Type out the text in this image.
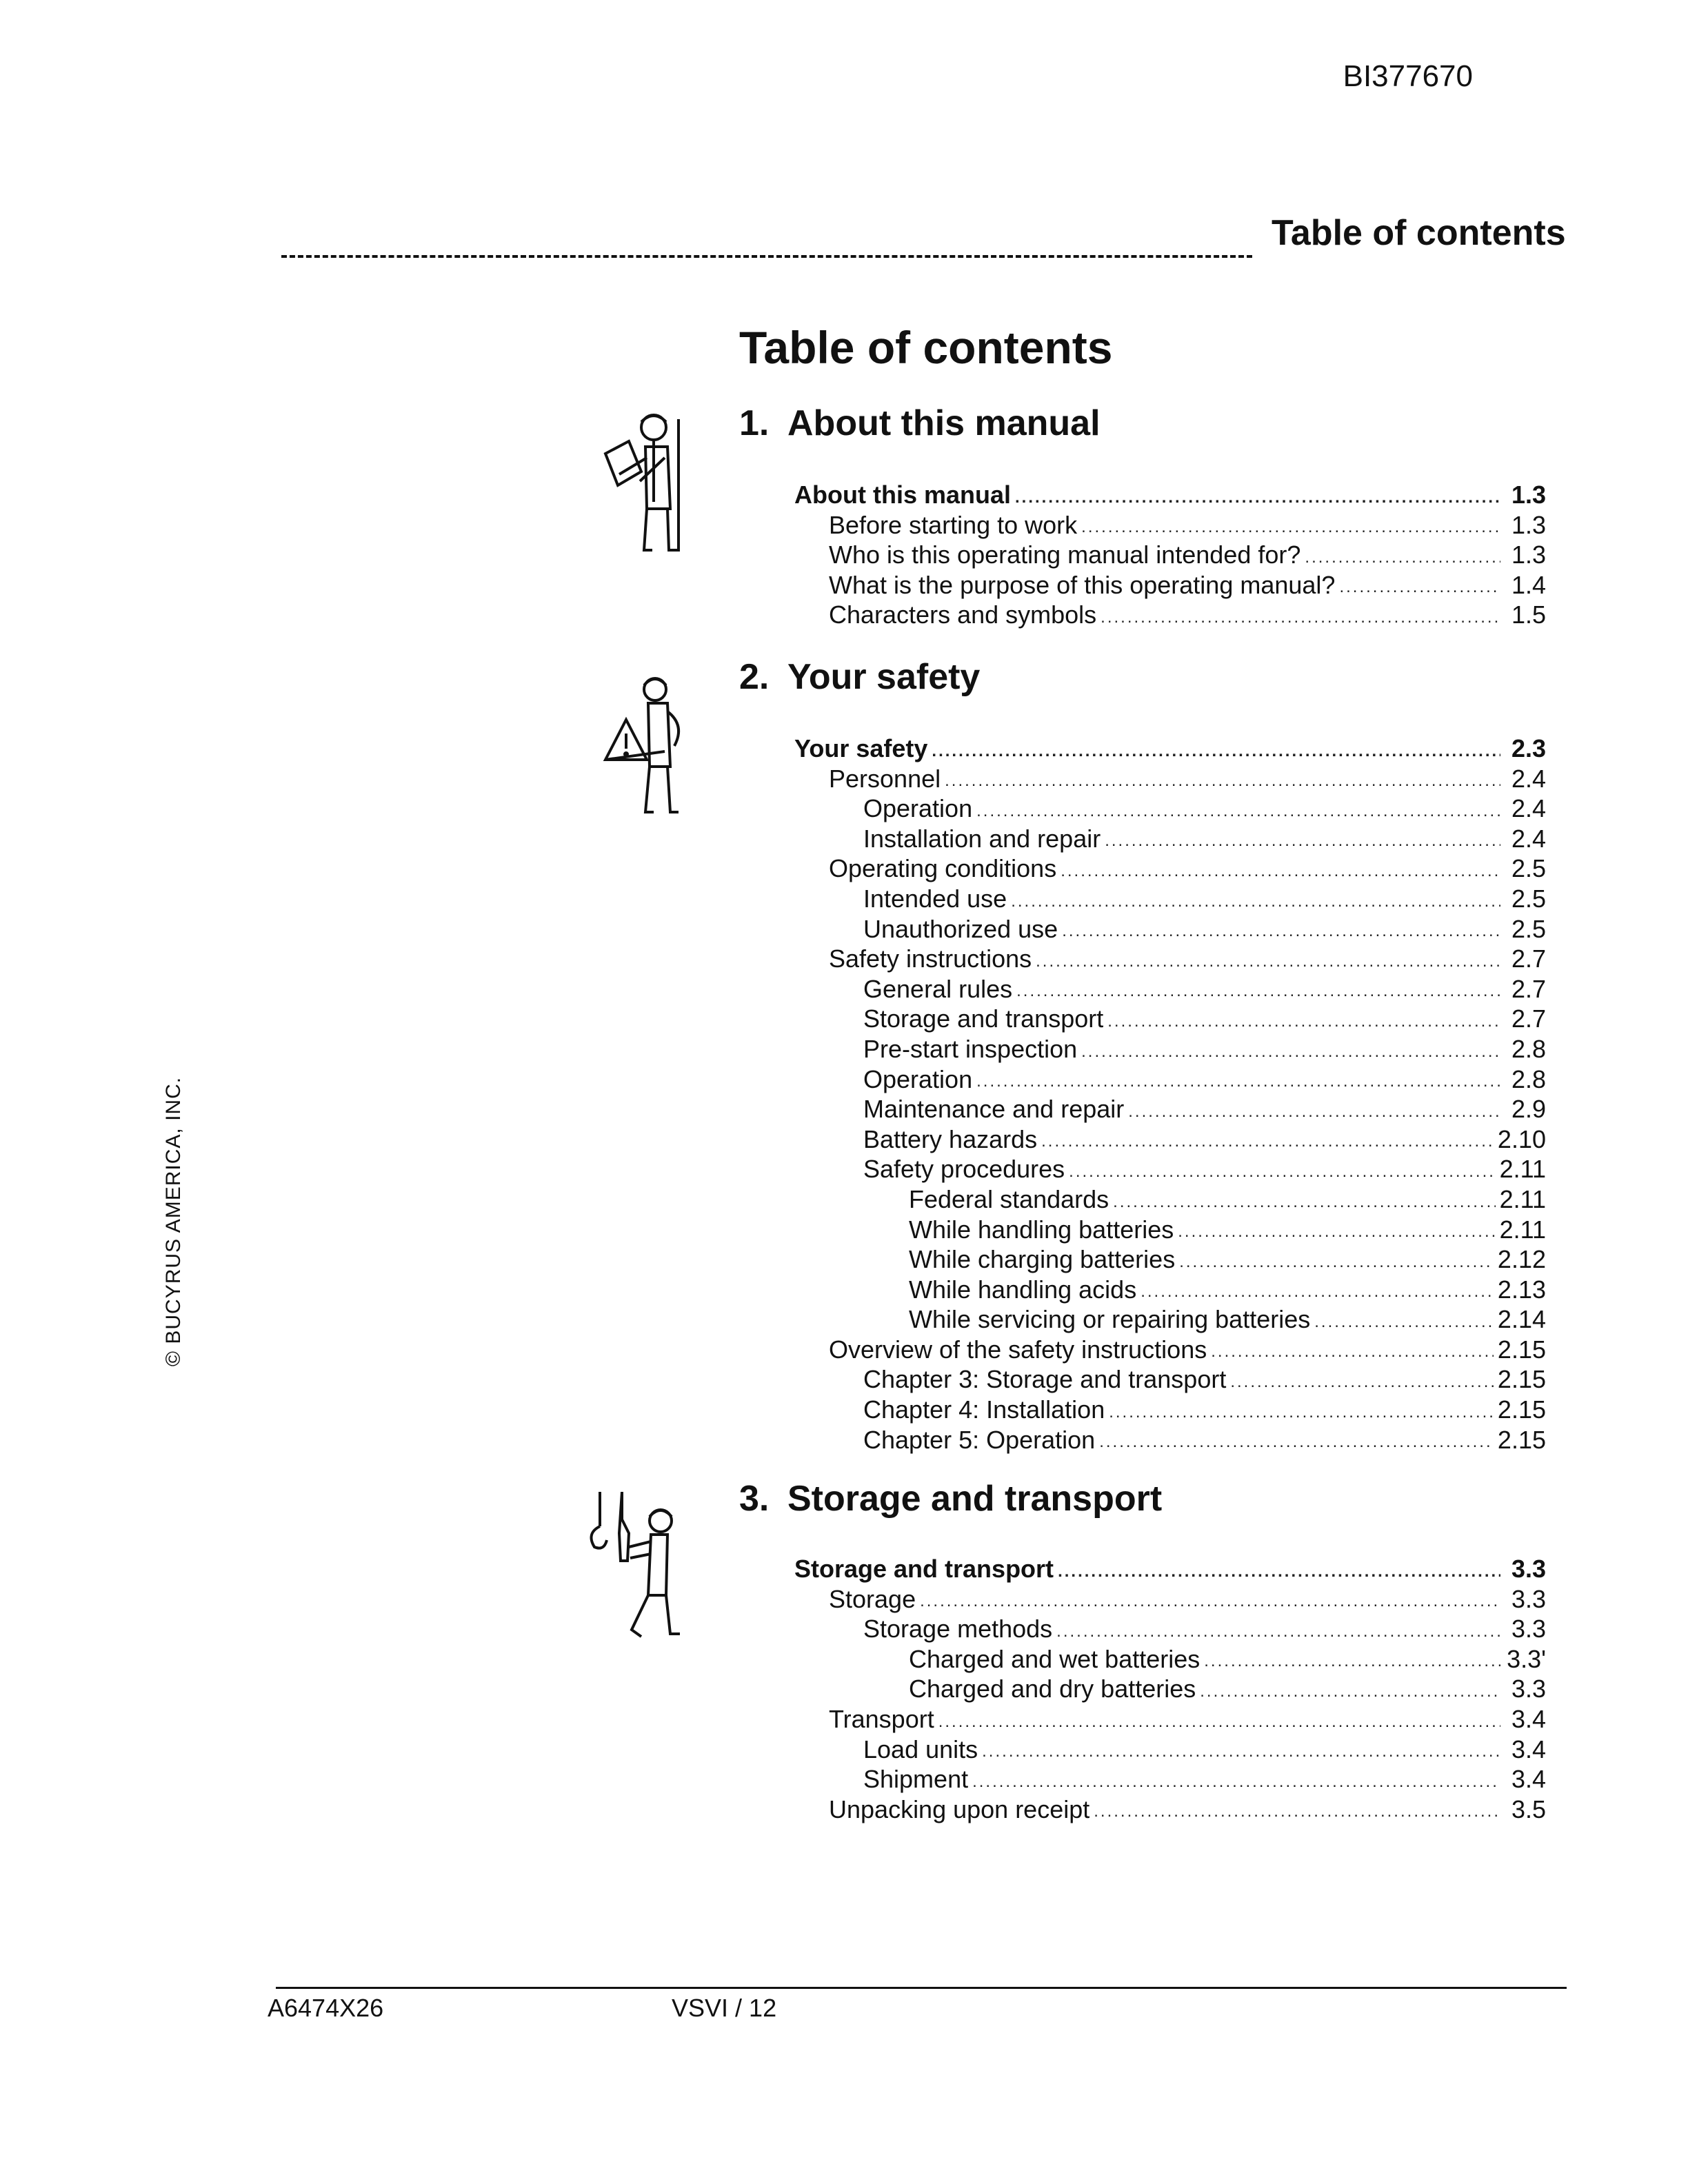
BI377670
Table of contents
© BUCYRUS AMERICA, INC.
Table of contents
1. About this manual
About this manual .....	1.3
Before starting to work .....	1.3
Who is this operating manual intended for? .....	1.3
What is the purpose of this operating manual? .....	1.4
Characters and symbols .....	1.5
2. Your safety
Your safety .....	2.3
Personnel .....	2.4
Operation .....	2.4
Installation and repair .....	2.4
Operating conditions .....	2.5
Intended use .....	2.5
Unauthorized use .....	2.5
Safety instructions .....	2.7
General rules .....	2.7
Storage and transport .....	2.7
Pre-start inspection .....	2.8
Operation .....	2.8
Maintenance and repair .....	2.9
Battery hazards .....	2.10
Safety procedures .....	2.11
Federal standards .....	2.11
While handling batteries .....	2.11
While charging batteries .....	2.12
While handling acids .....	2.13
While servicing or repairing batteries .....	2.14
Overview of the safety instructions .....	2.15
Chapter 3: Storage and transport .....	2.15
Chapter 4: Installation .....	2.15
Chapter 5: Operation .....	2.15
3. Storage and transport
Storage and transport .....	3.3
Storage .....	3.3
Storage methods .....	3.3
Charged and wet batteries .....	3.3'
Charged and dry batteries .....	3.3
Transport .....	3.4
Load units .....	3.4
Shipment .....	3.4
Unpacking upon receipt .....	3.5
A6474X26	VSVI / 12
